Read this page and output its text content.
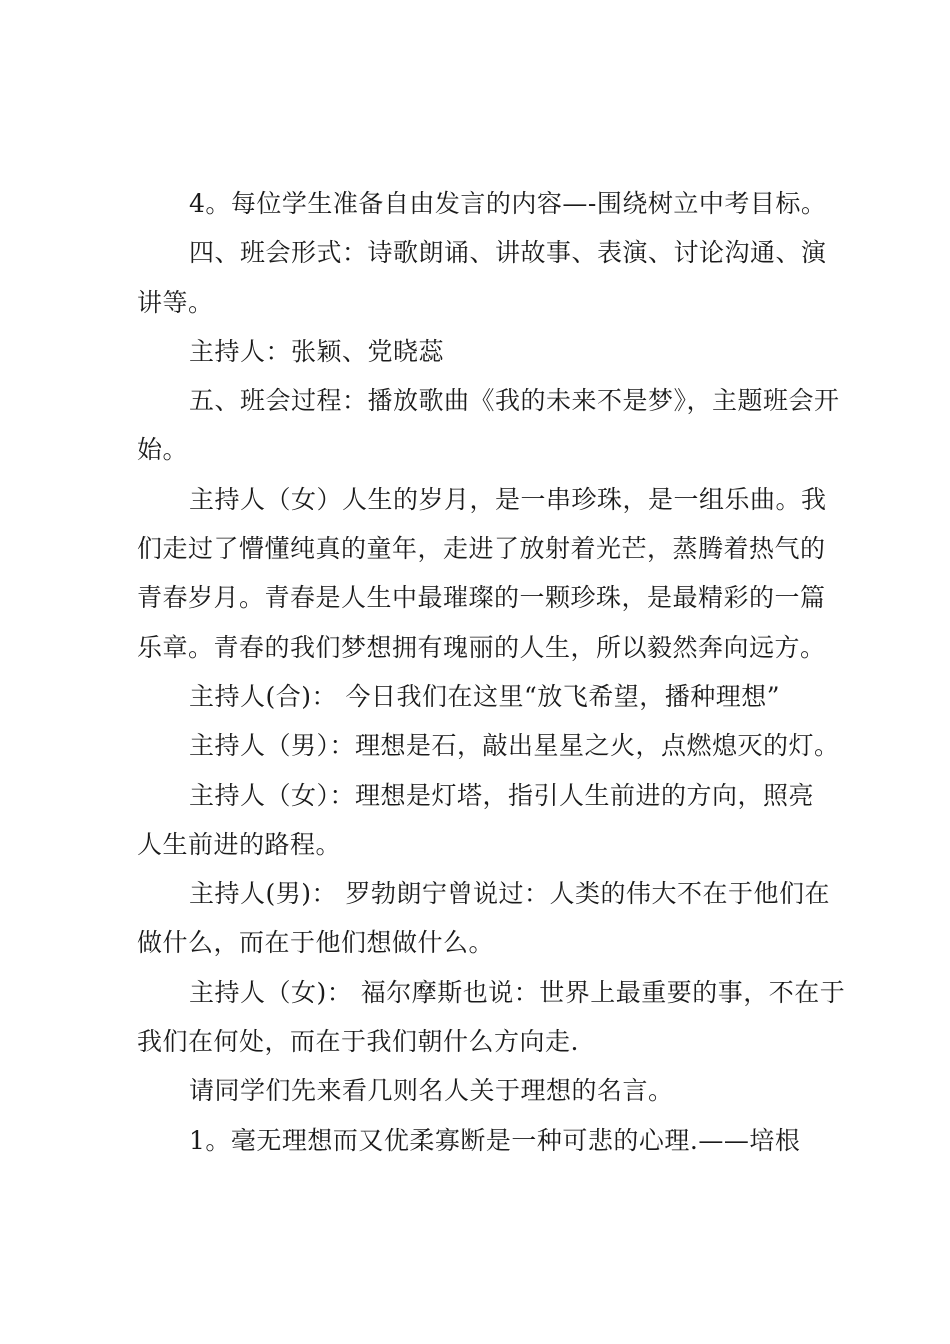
4。每位学生准备自由发言的内容—-围绕树立中考目标。
四、班会形式：诗歌朗诵、讲故事、表演、讨论沟通、演
讲等。
主持人：张颖、党晓蕊
五、班会过程：播放歌曲《我的未来不是梦》，主题班会开
始。
主持人（女）人生的岁月，是一串珍珠，是一组乐曲。我
们走过了懵懂纯真的童年，走进了放射着光芒，蒸腾着热气的
青春岁月。青春是人生中最璀璨的一颗珍珠，是最精彩的一篇
乐章。青春的我们梦想拥有瑰丽的人生，所以毅然奔向远方。
主持人(合)： 今日我们在这里“放飞希望，播种理想”
主持人（男）：理想是石，敲出星星之火，点燃熄灭的灯。
主持人（女）：理想是灯塔，指引人生前进的方向，照亮
人生前进的路程。
主持人(男)： 罗勃朗宁曾说过：人类的伟大不在于他们在
做什么，而在于他们想做什么。
主持人（女)： 福尔摩斯也说：世界上最重要的事，不在于
我们在何处，而在于我们朝什么方向走.
请同学们先来看几则名人关于理想的名言。
1。毫无理想而又优柔寡断是一种可悲的心理.——培根
